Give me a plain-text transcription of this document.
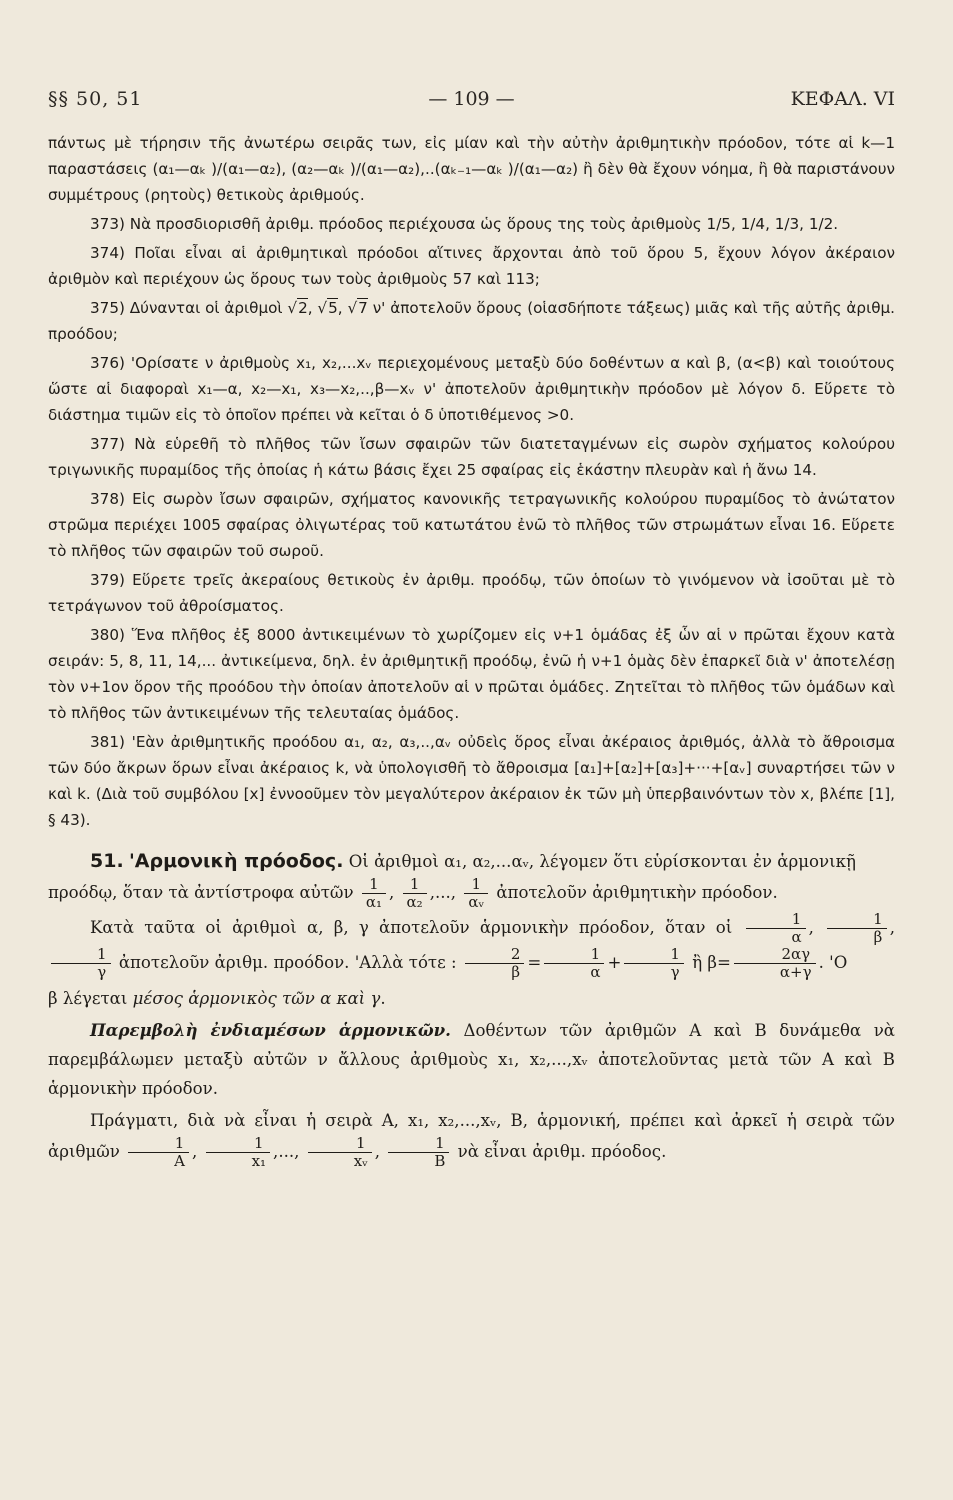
§§ 50, 51	— 109 —	ΚΕΦΑΛ. VI

πάντως μὲ τήρησιν τῆς ἀνωτέρω σειρᾶς των, εἰς μίαν καὶ τὴν αὐτὴν ἀριθμητικὴν πρόοδον, τότε αἱ k—1 παραστάσεις (α₁—αₖ )/(α₁—α₂), (α₂—αₖ )/(α₁—α₂),..(αₖ₋₁—αₖ )/(α₁—α₂) ἢ δὲν θὰ ἔχουν νόημα, ἢ θὰ παριστάνουν συμμέτρους (ρητοὺς) θετικοὺς ἀριθμούς.

373) Νὰ προσδιορισθῆ ἀριθμ. πρόοδος περιέχουσα ὡς ὅρους της τοὺς ἀριθμοὺς 1/5, 1/4, 1/3, 1/2.

374) Ποῖαι εἶναι αἱ ἀριθμητικαὶ πρόοδοι αἵτινες ἄρχονται ἀπὸ τοῦ ὅρου 5, ἔχουν λόγον ἀκέραιον ἀριθμὸν καὶ περιέχουν ὡς ὅρους των τοὺς ἀριθμοὺς 57 καὶ 113;

375) Δύνανται οἱ ἀριθμοὶ √2, √5, √7 ν' ἀποτελοῦν ὅρους (οἱασδήποτε τάξεως) μιᾶς καὶ τῆς αὐτῆς ἀριθμ. προόδου;

376) 'Ορίσατε ν ἀριθμοὺς x₁, x₂,...xᵥ περιεχομένους μεταξὺ δύο δοθέντων α καὶ β, (α<β) καὶ τοιούτους ὥστε αἱ διαφοραὶ x₁—α, x₂—x₁, x₃—x₂,..,β—xᵥ ν' ἀποτελοῦν ἀριθμητικὴν πρόοδον μὲ λόγον δ. Εὕρετε τὸ διάστημα τιμῶν εἰς τὸ ὁποῖον πρέπει νὰ κεῖται ὁ δ ὑποτιθέμενος >0.

377) Νὰ εὑρεθῆ τὸ πλῆθος τῶν ἴσων σφαιρῶν τῶν διατεταγμένων εἰς σωρὸν σχήματος κολούρου τριγωνικῆς πυραμίδος τῆς ὁποίας ἡ κάτω βάσις ἔχει 25 σφαίρας εἰς ἑκάστην πλευρὰν καὶ ἡ ἄνω 14.

378) Εἰς σωρὸν ἴσων σφαιρῶν, σχήματος κανονικῆς τετραγωνικῆς κολούρου πυραμίδος τὸ ἀνώτατον στρῶμα περιέχει 1005 σφαίρας ὀλιγωτέρας τοῦ κατωτάτου ἐνῶ τὸ πλῆθος τῶν στρωμάτων εἶναι 16. Εὕρετε τὸ πλῆθος τῶν σφαιρῶν τοῦ σωροῦ.

379) Εὕρετε τρεῖς ἀκεραίους θετικοὺς ἐν ἀριθμ. προόδῳ, τῶν ὁποίων τὸ γινόμενον νὰ ἰσοῦται μὲ τὸ τετράγωνον τοῦ ἀθροίσματος.

380) Ἕνα πλῆθος ἐξ 8000 ἀντικειμένων τὸ χωρίζομεν εἰς ν+1 ὁμάδας ἐξ ὧν αἱ ν πρῶται ἔχουν κατὰ σειράν: 5, 8, 11, 14,... ἀντικείμενα, δηλ. ἐν ἀριθμητικῇ προόδῳ, ἐνῶ ἡ ν+1 ὁμὰς δὲν ἐπαρκεῖ διὰ ν' ἀποτελέσῃ τὸν ν+1ον ὅρον τῆς προόδου τὴν ὁποίαν ἀποτελοῦν αἱ ν πρῶται ὁμάδες. Ζητεῖται τὸ πλῆθος τῶν ὁμάδων καὶ τὸ πλῆθος τῶν ἀντικειμένων τῆς τελευταίας ὁμάδος.

381) 'Εὰν ἀριθμητικῆς προόδου α₁, α₂, α₃,..,αᵥ οὐδεὶς ὅρος εἶναι ἀκέραιος ἀριθμός, ἀλλὰ τὸ ἄθροισμα τῶν δύο ἄκρων ὅρων εἶναι ἀκέραιος k, νὰ ὑπολογισθῆ τὸ ἄθροισμα [α₁]+[α₂]+[α₃]+···+[αᵥ] συναρτήσει τῶν ν καὶ k. (Διὰ τοῦ συμβόλου [x] ἐννοοῦμεν τὸν μεγαλύτερον ἀκέραιον ἐκ τῶν μὴ ὑπερβαινόντων τὸν x, βλέπε [1], § 43).

51. 'Αρμονικὴ πρόοδος. Οἱ ἀριθμοὶ α₁, α₂,...αᵥ, λέγομεν ὅτι εὑρίσκονται ἐν ἁρμονικῇ προόδῳ, ὅταν τὰ ἀντίστροφα αὐτῶν $\frac{1}{\text{α₁}}$ , $\frac{1}{\text{α₂}}$ ,..., $\frac{1}{\text{αᵥ}}$ ἀποτελοῦν ἀριθμητικὴν πρόοδον.

Κατὰ ταῦτα οἱ ἀριθμοὶ α, β, γ ἀποτελοῦν ἁρμονικὴν πρόοδον, ὅταν οἱ $\frac{1}{\alpha}$ , $\frac{1}{\beta}$ ,
$\frac{1}{\gamma}$ ἀποτελοῦν ἀριθμ. προόδον. 'Αλλὰ τότε : $\frac{2}{\beta} = \frac{1}{\alpha} + \frac{1}{\gamma}$ ἢ $\beta= \frac{2\alpha\gamma}{\alpha+\gamma}$ . 'Ο

β λέγεται μέσος ἁρμονικὸς τῶν α καὶ γ.

Παρεμβολὴ ἐνδιαμέσων ἁρμονικῶν. Δοθέντων τῶν ἀριθμῶν Α καὶ Β δυνάμεθα νὰ παρεμβάλωμεν μεταξὺ αὐτῶν ν ἄλλους ἀριθμοὺς x₁, x₂,...,xᵥ ἀποτελοῦντας μετὰ τῶν Α καὶ Β ἁρμονικὴν πρόοδον.

Πράγματι, διὰ νὰ εἶναι ἡ σειρὰ Α, x₁, x₂,...,xᵥ, Β, ἁρμονική, πρέπει καὶ ἀρκεῖ ἡ σειρὰ τῶν ἀριθμῶν $\frac{1}{A}$ , $\frac{1}{\text{x₁}}$ ,..., $\frac{1}{\text{xᵥ}}$ , $\frac{1}{B}$ νὰ εἶναι ἀριθμ. πρόοδος.
